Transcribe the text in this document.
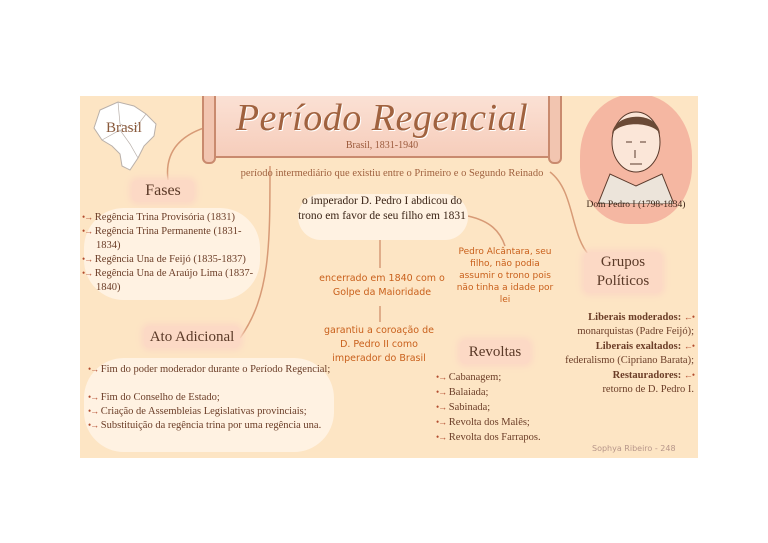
Brasil	Período Regencial
Brasil, 1831-1940
período intermediário que existiu entre o Primeiro e o Segundo Reinado
Dom Pedro I (1798-1834)
Fases
•→ Regência Trina Provisória (1831)
•→ Regência Trina Permanente (1831-1834)
•→ Regência Una de Feijó (1835-1837)
•→ Regência Una de Araújo Lima (1837-1840)
Ato Adicional
•→ Fim do poder moderador durante o Período Regencial;
•→ Fim do Conselho de Estado;
•→ Criação de Assembleias Legislativas provinciais;
•→ Substituição da regência trina por uma regência una.
o imperador D. Pedro I abdicou do trono em favor de seu filho em 1831
encerrado em 1840 com o Golpe da Maioridade
garantiu a coroação de D. Pedro II como imperador do Brasil
Pedro Alcântara, seu filho, não podia assumir o trono pois não tinha a idade por lei
Revoltas
•→ Cabanagem;
•→ Balaiada;
•→ Sabinada;
•→ Revolta dos Malês;
•→ Revolta dos Farrapos.
Grupos
Políticos
Liberais moderados: ←•
monarquistas (Padre Feijó);
Liberais exaltados: ←•
federalismo (Cipriano Barata);
Restauradores: ←•
retorno de D. Pedro I.
Sophya Ribeiro - 248
